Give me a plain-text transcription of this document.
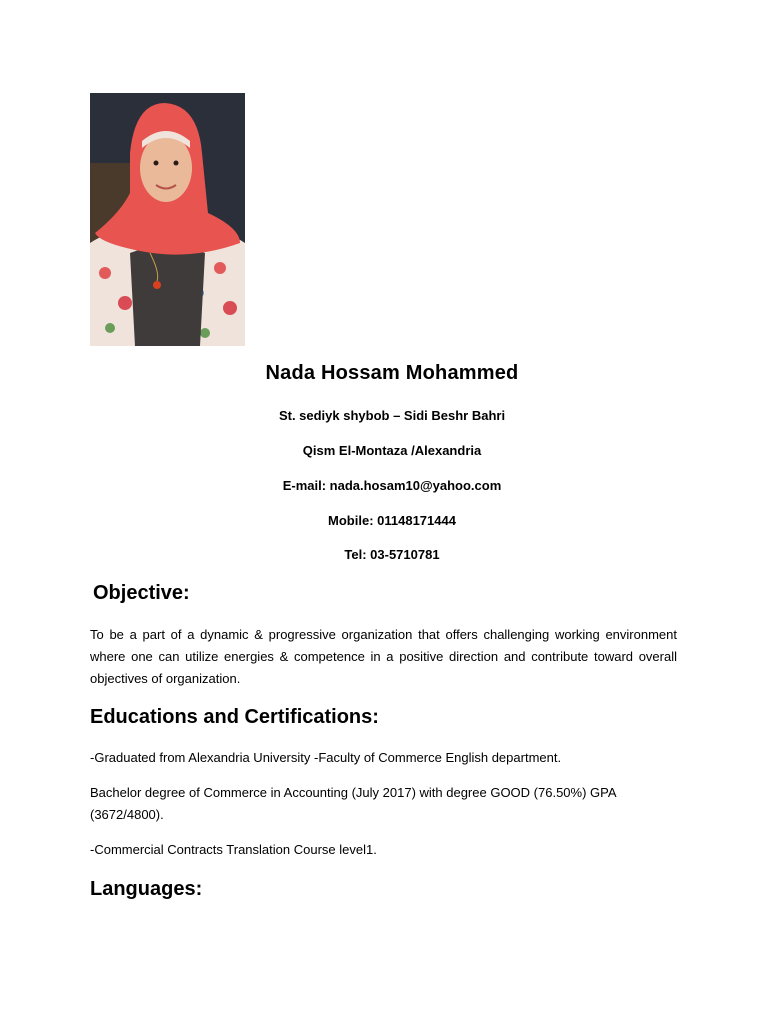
Nada Hossam Mohammed

St. sediyk shybob – Sidi Beshr Bahri

Qism El-Montaza /Alexandria

E-mail: nada.hosam10@yahoo.com

Mobile: 01148171444

Tel: 03-5710781

Objective:

To be a part of a dynamic & progressive organization that offers challenging working environment where one can utilize energies & competence in a positive direction and contribute toward overall objectives of organization.

Educations and Certifications:

-Graduated from Alexandria University -Faculty of Commerce English department.

Bachelor degree of Commerce in Accounting (July 2017) with degree GOOD (76.50%) GPA (3672/4800).

-Commercial Contracts Translation Course level1.

Languages:
